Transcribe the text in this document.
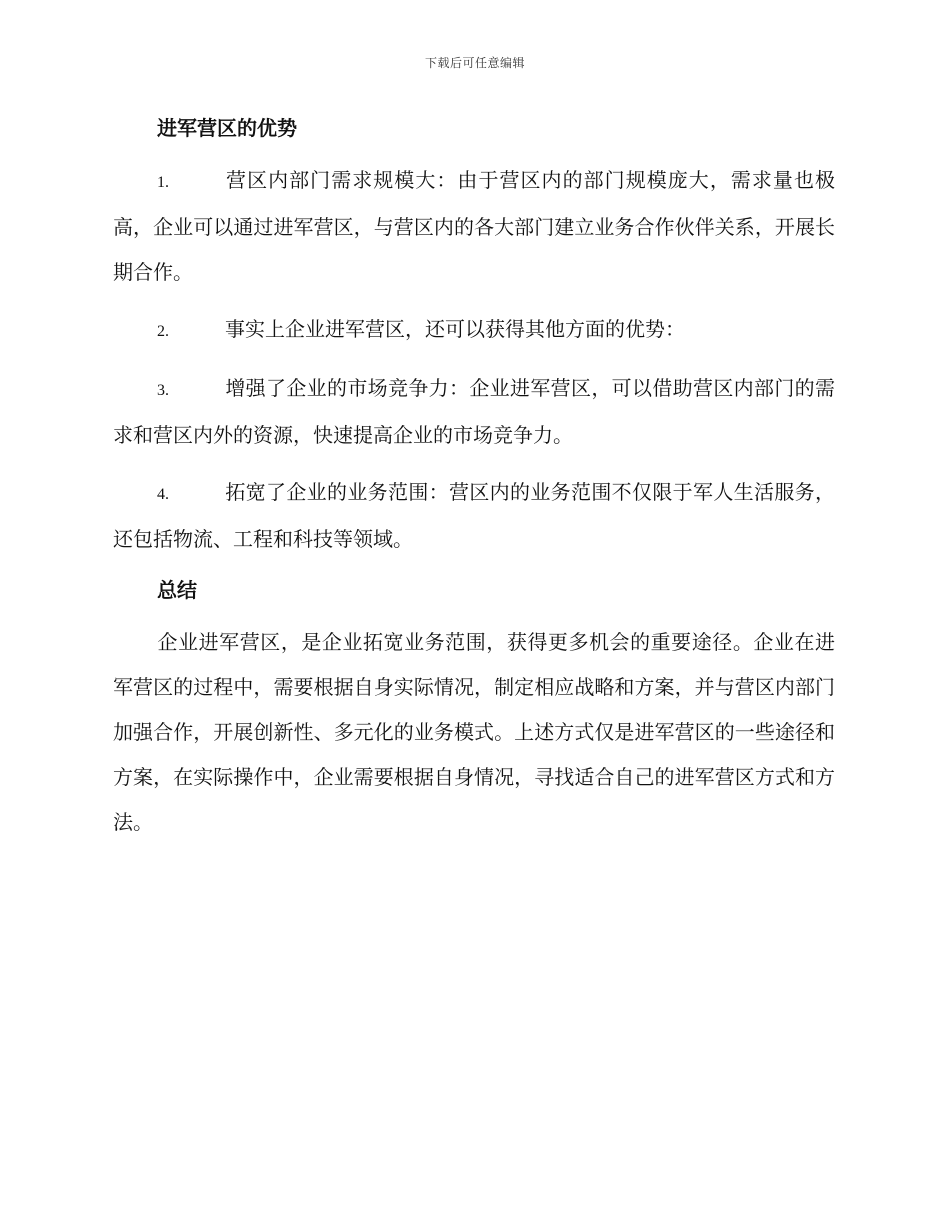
下载后可任意编辑
进军营区的优势

1.	营区内部门需求规模大：由于营区内的部门规模庞大，需求量也极高，企业可以通过进军营区，与营区内的各大部门建立业务合作伙伴关系，开展长期合作。

2.	事实上企业进军营区，还可以获得其他方面的优势：

3.	增强了企业的市场竞争力：企业进军营区，可以借助营区内部门的需求和营区内外的资源，快速提高企业的市场竞争力。

4.	拓宽了企业的业务范围：营区内的业务范围不仅限于军人生活服务，还包括物流、工程和科技等领域。

总结

企业进军营区，是企业拓宽业务范围，获得更多机会的重要途径。企业在进军营区的过程中，需要根据自身实际情况，制定相应战略和方案，并与营区内部门加强合作，开展创新性、多元化的业务模式。上述方式仅是进军营区的一些途径和方案，在实际操作中，企业需要根据自身情况，寻找适合自己的进军营区方式和方法。
